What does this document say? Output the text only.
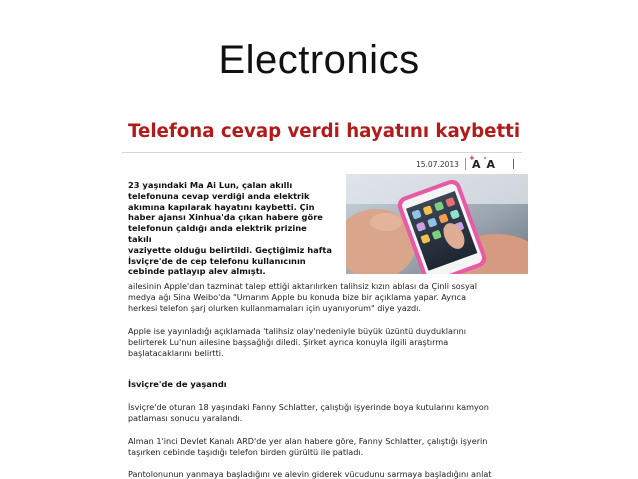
Electronics
Telefona cevap verdi hayatını kaybetti
15.07.2013
+
A - A
23 yaşındaki Ma Ai Lun, çalan akıllı
telefonuna cevap verdiği anda elektrik
akımına kapılarak hayatını kaybetti. Çin
haber ajansı Xinhua'da çıkan habere göre
telefonun çaldığı anda elektrik prizine takılı
vaziyette olduğu belirtildi. Geçtiğimiz hafta
İsviçre'de de cep telefonu kullanıcının
cebinde patlayıp alev almıştı.
ailesinin Apple'dan tazminat talep ettiği aktarılırken talihsiz kızın ablası da Çinli sosyal
medya ağı Sina Weibo'da "Umarım Apple bu konuda bize bir açıklama yapar. Ayrıca
herkesi telefon şarj olurken kullanmamaları için uyanıyorum" diye yazdı.
Apple ise yayınladığı açıklamada 'talihsiz olay'nedeniyle büyük üzüntü duyduklarını
belirterek Lu'nun ailesine başsağlığı diledi. Şirket ayrıca konuyla ilgili araştırma
başlatacaklarını belirtti.
İsviçre'de de yaşandı
İsviçre'de oturan 18 yaşındaki Fanny Schlatter, çalıştığı işyerinde boya kutularını kamyon
patlaması sonucu yaralandı.
Alman 1'inci Devlet Kanalı ARD'de yer alan habere göre, Fanny Schlatter, çalıştığı işyerin
taşırken cebinde taşıdığı telefon birden gürültü ile patladı.
Pantolonunun yanmaya başladığını ve alevin giderek vücudunu sarmaya başladığını anlat
